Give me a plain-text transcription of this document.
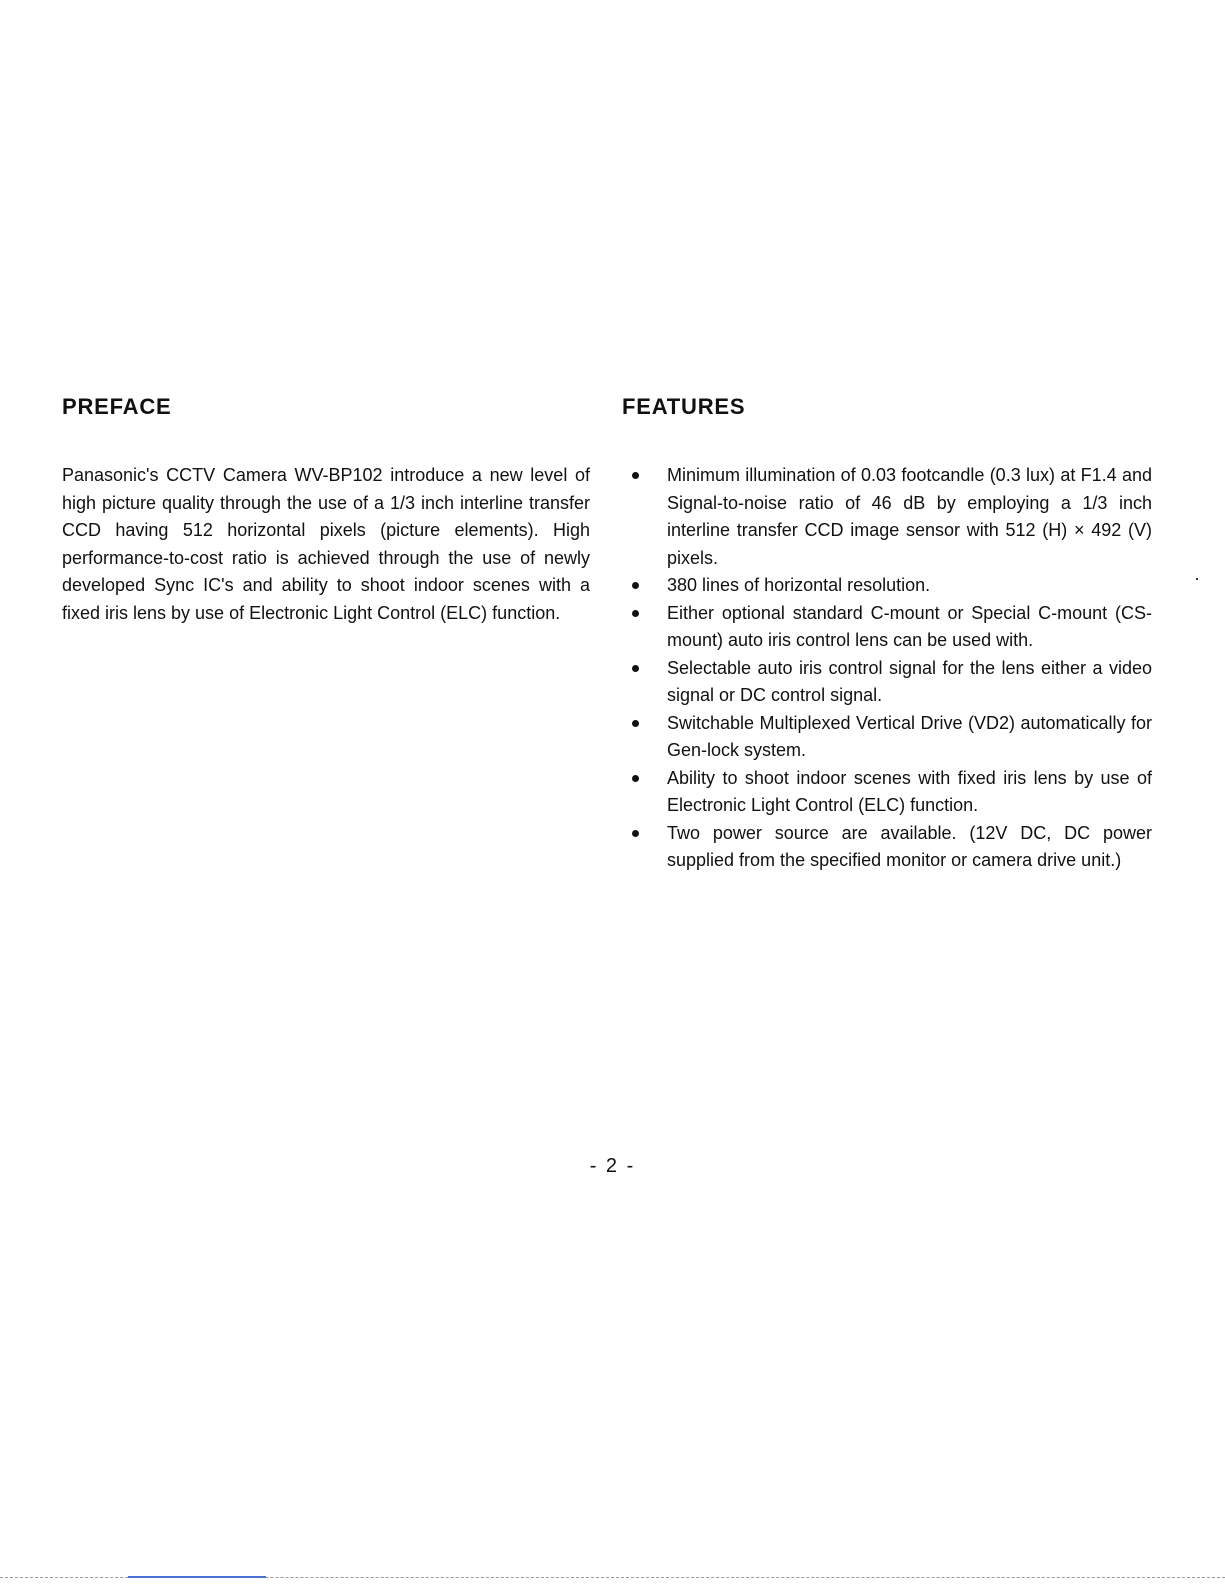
PREFACE

Panasonic's CCTV Camera WV-BP102 introduce a new level of high picture quality through the use of a 1/3 inch interline transfer CCD having 512 horizontal pixels (picture elements). High performance-to-cost ratio is achieved through the use of newly developed Sync IC's and ability to shoot indoor scenes with a fixed iris lens by use of Electronic Light Control (ELC) function.

FEATURES
Minimum illumination of 0.03 footcandle (0.3 lux) at F1.4 and Signal-to-noise ratio of 46 dB by employing a 1/3 inch interline transfer CCD image sensor with 512 (H) × 492 (V) pixels.
380 lines of horizontal resolution.
Either optional standard C-mount or Special C-mount (CS-mount) auto iris control lens can be used with.
Selectable auto iris control signal for the lens either a video signal or DC control signal.
Switchable Multiplexed Vertical Drive (VD2) automatically for Gen-lock system.
Ability to shoot indoor scenes with fixed iris lens by use of Electronic Light Control (ELC) function.
Two power source are available. (12V DC, DC power supplied from the specified monitor or camera drive unit.)
- 2 -
